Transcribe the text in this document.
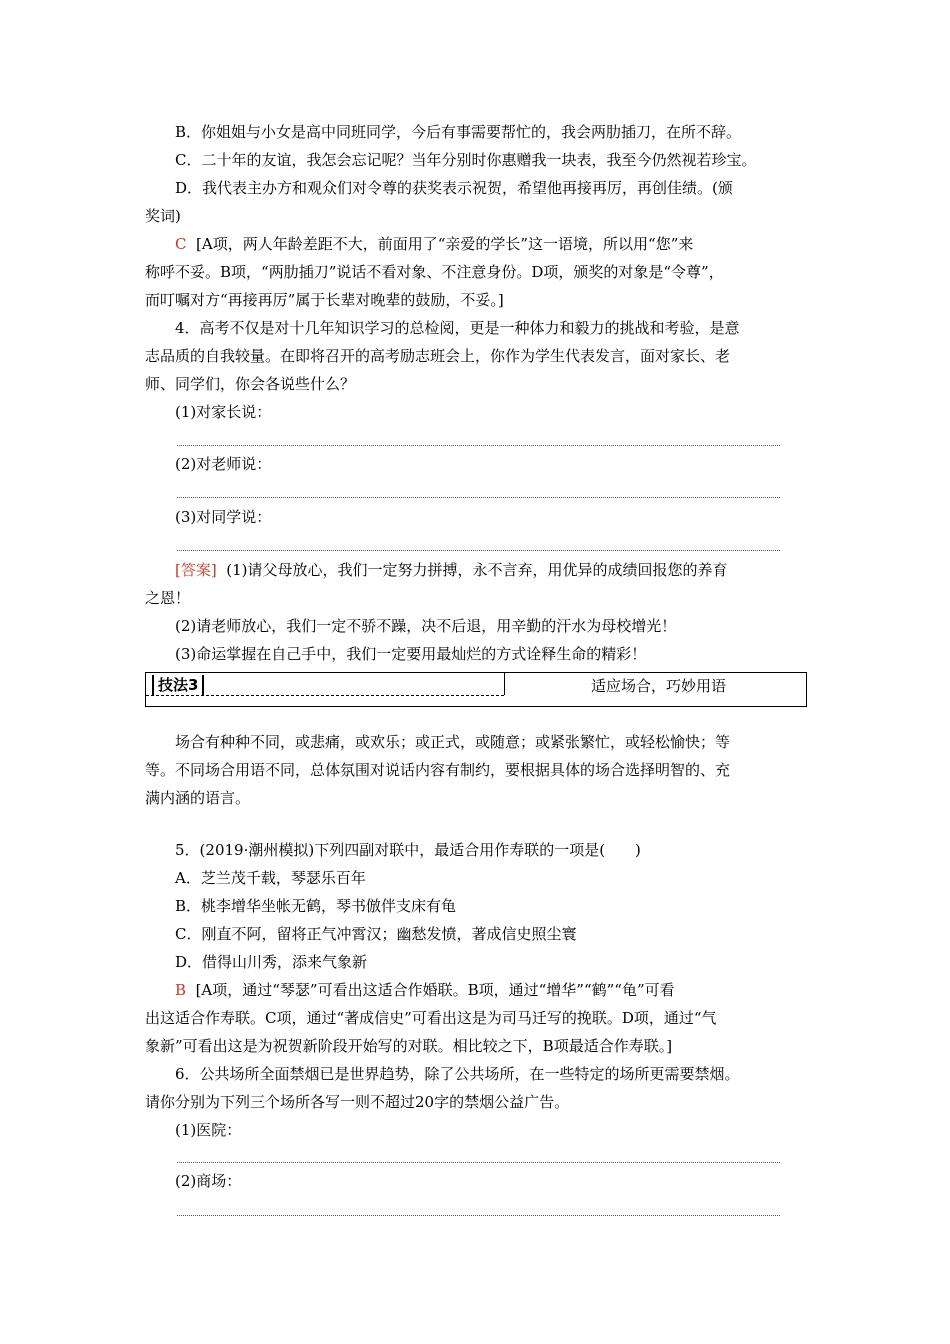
B．你姐姐与小女是高中同班同学，今后有事需要帮忙的，我会两肋插刀，在所不辞。
C．二十年的友谊，我怎会忘记呢？当年分别时你惠赠我一块表，我至今仍然视若珍宝。
D．我代表主办方和观众们对令尊的获奖表示祝贺，希望他再接再厉，再创佳绩。(颁
奖词)
C [A项，两人年龄差距不大，前面用了“亲爱的学长”这一语境，所以用“您”来
称呼不妥。B项，“两肋插刀”说话不看对象、不注意身份。D项，颁奖的对象是“令尊”，
而叮嘱对方“再接再厉”属于长辈对晚辈的鼓励，不妥。]
4．高考不仅是对十几年知识学习的总检阅，更是一种体力和毅力的挑战和考验，是意
志品质的自我较量。在即将召开的高考励志班会上，你作为学生代表发言，面对家长、老
师、同学们，你会各说些什么？
(1)对家长说：
(2)对老师说：
(3)对同学说：
[答案] (1)请父母放心，我们一定努力拼搏，永不言弃，用优异的成绩回报您的养育
之恩！
(2)请老师放心，我们一定不骄不躁，决不后退，用辛勤的汗水为母校增光！
(3)命运掌握在自己手中，我们一定要用最灿烂的方式诠释生命的精彩！
技法3	适应场合，巧妙用语
场合有种种不同，或悲痛，或欢乐；或正式，或随意；或紧张繁忙，或轻松愉快；等
等。不同场合用语不同，总体氛围对说话内容有制约，要根据具体的场合选择明智的、充
满内涵的语言。
5．(2019·潮州模拟)下列四副对联中，最适合用作寿联的一项是(　　)
A．芝兰茂千载，琴瑟乐百年
B．桃李增华坐帐无鹤，琴书倣伴支床有龟
C．刚直不阿，留将正气冲霄汉；幽愁发愤，著成信史照尘寰
D．借得山川秀，添来气象新
B [A项，通过“琴瑟”可看出这适合作婚联。B项，通过“增华”“鹤”“龟”可看
出这适合作寿联。C项，通过“著成信史”可看出这是为司马迁写的挽联。D项，通过“气
象新”可看出这是为祝贺新阶段开始写的对联。相比较之下，B项最适合作寿联。]
6．公共场所全面禁烟已是世界趋势，除了公共场所，在一些特定的场所更需要禁烟。
请你分别为下列三个场所各写一则不超过20字的禁烟公益广告。
(1)医院：
(2)商场：
